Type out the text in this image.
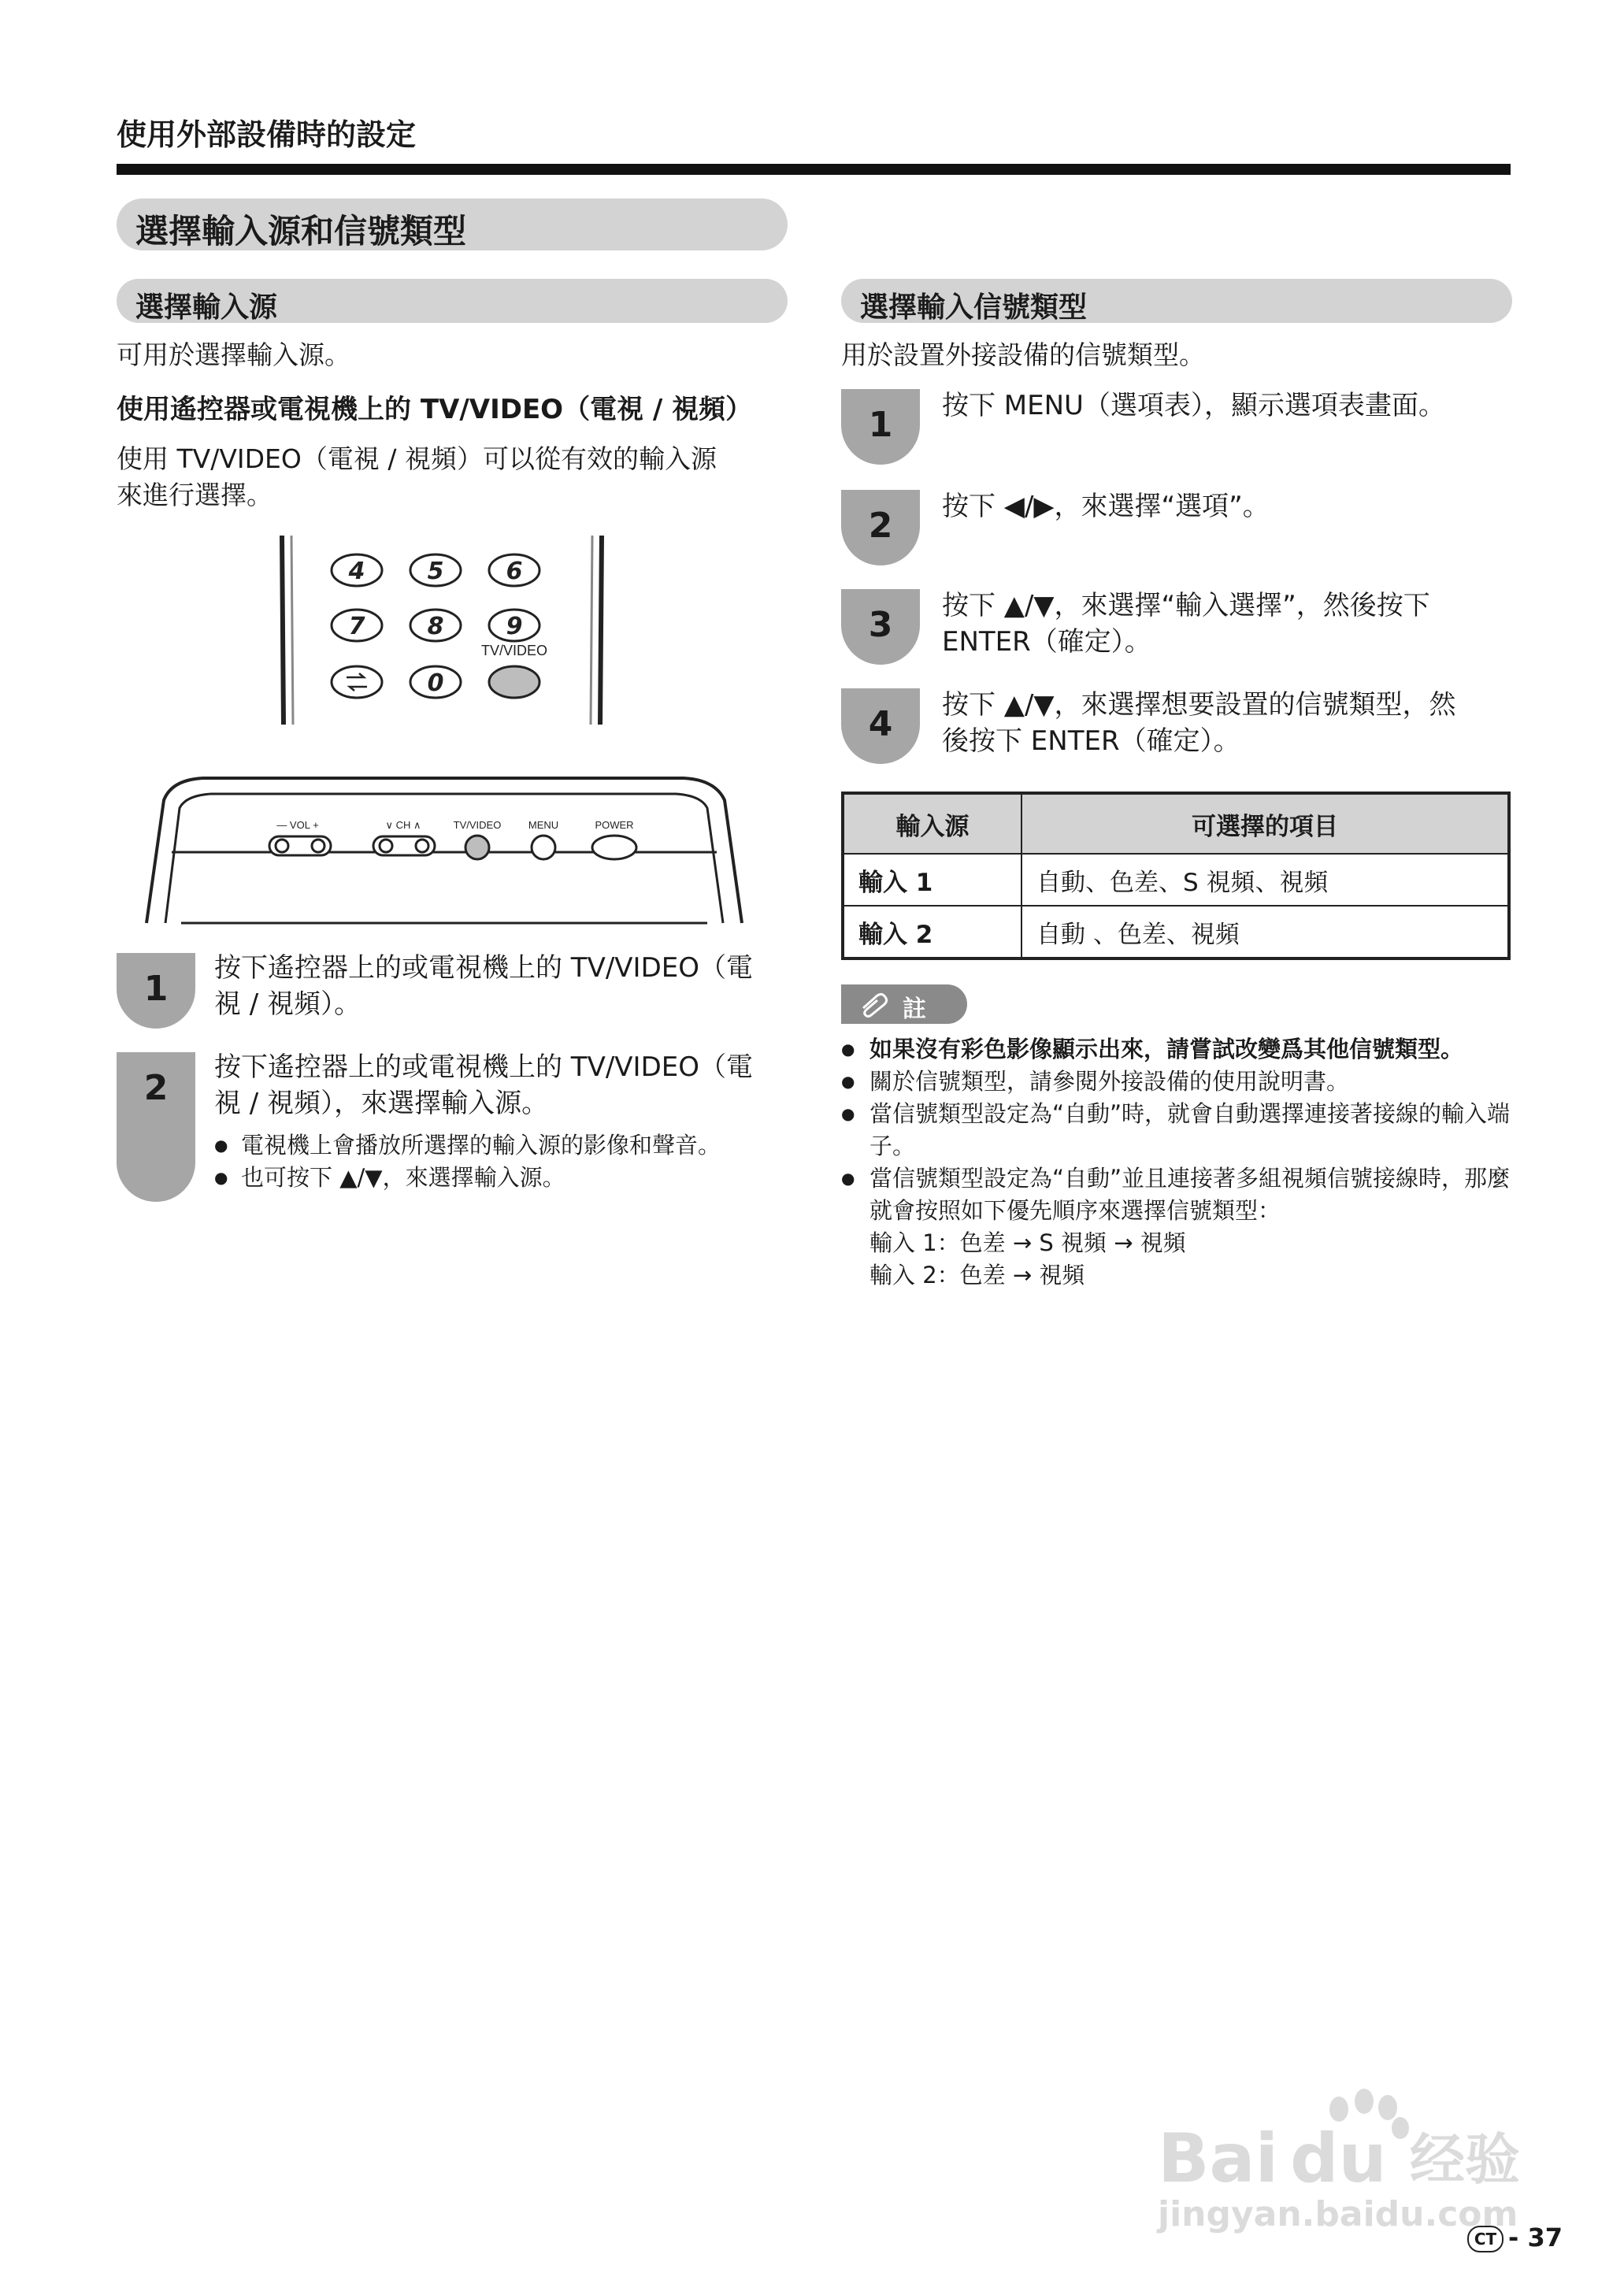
使用外部設備時的設定
選擇輸入源和信號類型
選擇輸入源
可用於選擇輸入源。
使用遙控器或電視機上的 TV/VIDEO（電視 / 視頻）
使用 TV/VIDEO（電視 / 視頻）可以從有效的輸入源
來進行選擇。
4	5	6
7	8	9
0
TV/VIDEO
— VOL +	∨ CH ∧	TV/VIDEO	MENU	POWER
1
按下遙控器上的或電視機上的 TV/VIDEO（電
視 / 視頻）。
2
按下遙控器上的或電視機上的 TV/VIDEO（電
視 / 視頻），來選擇輸入源。
● 電視機上會播放所選擇的輸入源的影像和聲音。
● 也可按下 ▲/▼，來選擇輸入源。
選擇輸入信號類型
用於設置外接設備的信號類型。
1	按下 MENU（選項表），顯示選項表畫面。
2	按下 ◀/▶，來選擇“選項”。
3	按下 ▲/▼，來選擇“輸入選擇”，然後按下
ENTER（確定）。
4	按下 ▲/▼，來選擇想要設置的信號類型，然
後按下 ENTER（確定）。
輸入源	可選擇的項目
輸入 1	自動、色差、S 視頻、視頻
輸入 2	自動 、色差、視頻
註
● 如果沒有彩色影像顯示出來，請嘗試改變爲其他信號類型。
● 關於信號類型，請參閱外接設備的使用說明書。
● 當信號類型設定為“自動”時，就會自動選擇連接著接線的輸入端子。
● 當信號類型設定為“自動”並且連接著多組視頻信號接線時，那麼就會按照如下優先順序來選擇信號類型：
輸入 1：色差 → S 視頻 → 視頻
輸入 2：色差 → 視頻
Bai du 经验
jingyan.baidu.com
CT - 37
